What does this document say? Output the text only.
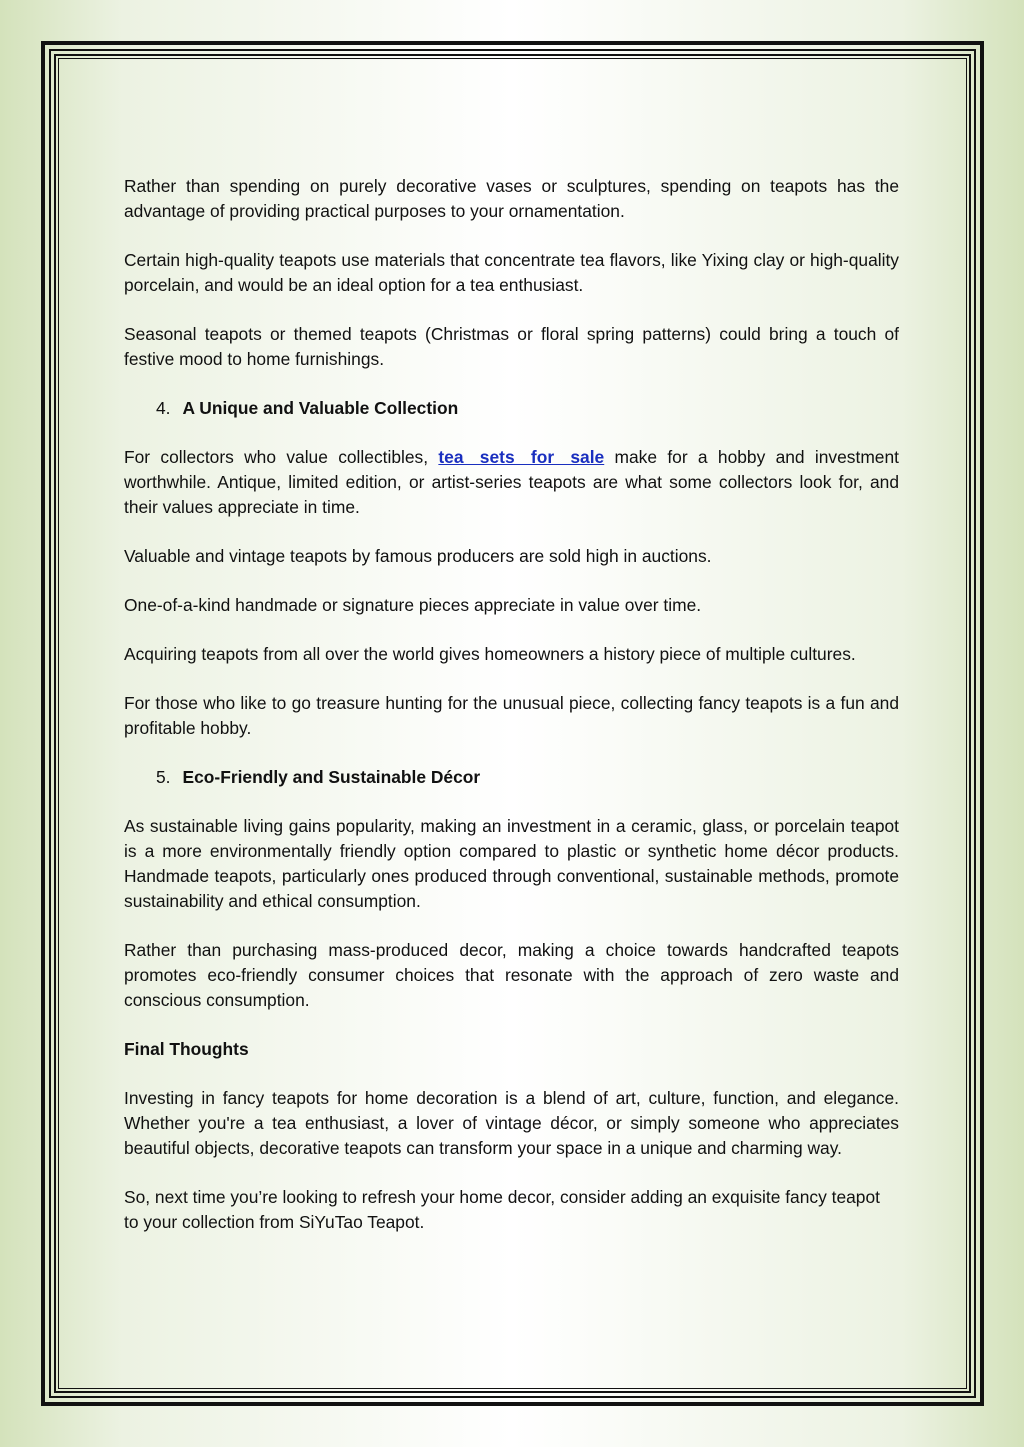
Rather than spending on purely decorative vases or sculptures, spending on teapots has the advantage of providing practical purposes to your ornamentation.

Certain high-quality teapots use materials that concentrate tea flavors, like Yixing clay or high-quality porcelain, and would be an ideal option for a tea enthusiast.

Seasonal teapots or themed teapots (Christmas or floral spring patterns) could bring a touch of festive mood to home furnishings.

4. A Unique and Valuable Collection

For collectors who value collectibles, tea sets for sale make for a hobby and investment worthwhile. Antique, limited edition, or artist-series teapots are what some collectors look for, and their values appreciate in time.

Valuable and vintage teapots by famous producers are sold high in auctions.

One-of-a-kind handmade or signature pieces appreciate in value over time.

Acquiring teapots from all over the world gives homeowners a history piece of multiple cultures.

For those who like to go treasure hunting for the unusual piece, collecting fancy teapots is a fun and profitable hobby.

5. Eco-Friendly and Sustainable Décor

As sustainable living gains popularity, making an investment in a ceramic, glass, or porcelain teapot is a more environmentally friendly option compared to plastic or synthetic home décor products. Handmade teapots, particularly ones produced through conventional, sustainable methods, promote sustainability and ethical consumption.

Rather than purchasing mass-produced decor, making a choice towards handcrafted teapots promotes eco-friendly consumer choices that resonate with the approach of zero waste and conscious consumption.

Final Thoughts

Investing in fancy teapots for home decoration is a blend of art, culture, function, and elegance. Whether you're a tea enthusiast, a lover of vintage décor, or simply someone who appreciates beautiful objects, decorative teapots can transform your space in a unique and charming way.

So, next time you’re looking to refresh your home decor, consider adding an exquisite fancy teapot to your collection from SiYuTao Teapot.
